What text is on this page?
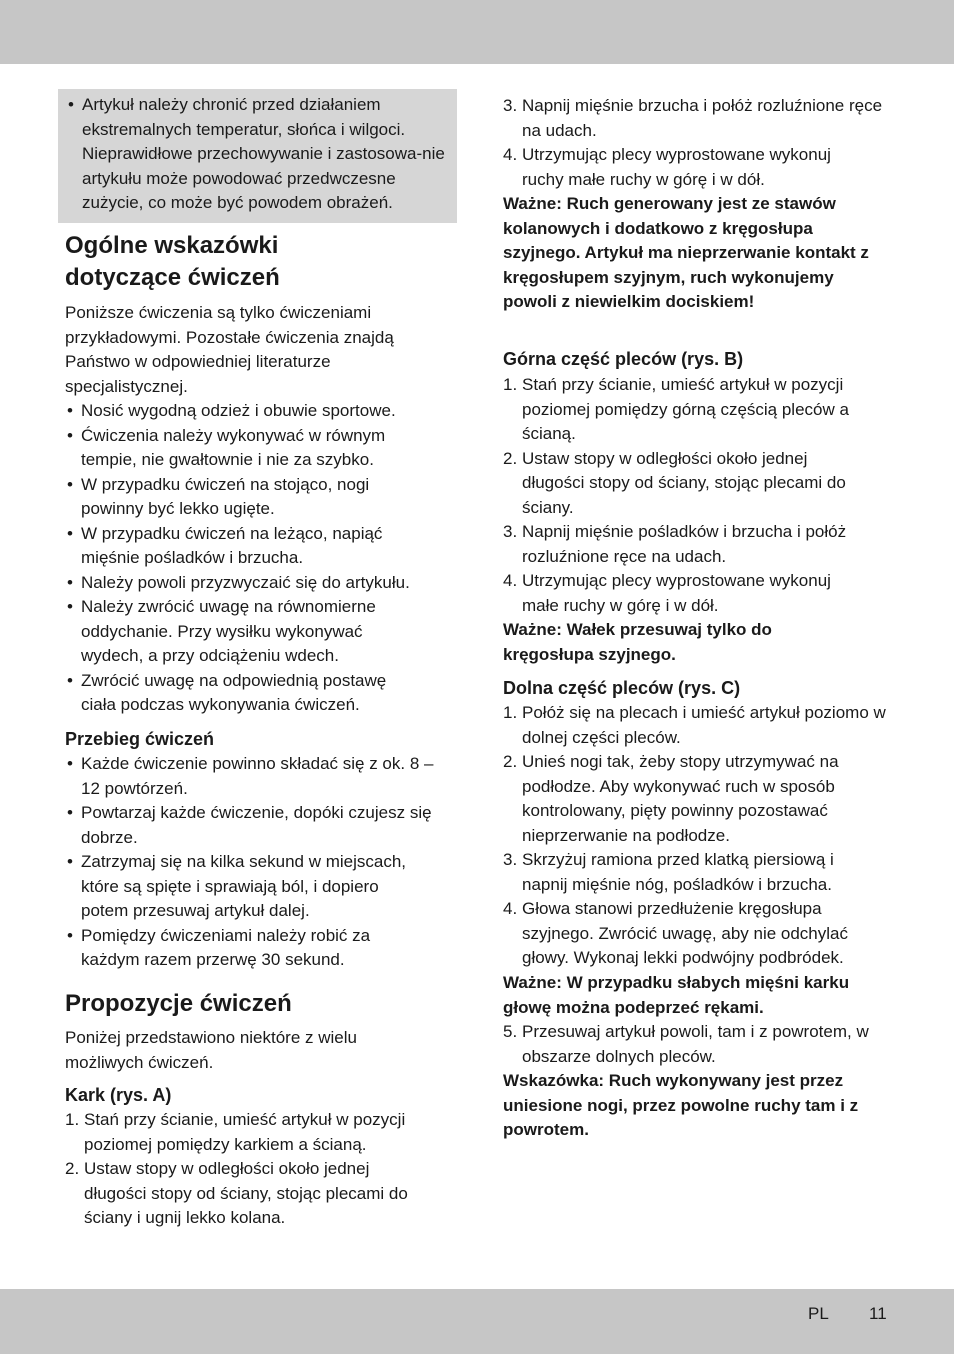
• Artykuł należy chronić przed działaniem ekstremalnych temperatur, słońca i wilgoci. Nieprawidłowe przechowywanie i zastosowa-nie artykułu może powodować przedwczesne zużycie, co może być powodem obrażeń.
Ogólne wskazówki
dotyczące ćwiczeń
Poniższe ćwiczenia są tylko ćwiczeniami przykładowymi. Pozostałe ćwiczenia znajdą Państwo w odpowiedniej literaturze specjalistycznej.
• Nosić wygodną odzież i obuwie sportowe.
• Ćwiczenia należy wykonywać w równym tempie, nie gwałtownie i nie za szybko.
• W przypadku ćwiczeń na stojąco, nogi powinny być lekko ugięte.
• W przypadku ćwiczeń na leżąco, napiąć mięśnie pośladków i brzucha.
• Należy powoli przyzwyczaić się do artykułu.
• Należy zwrócić uwagę na równomierne oddychanie. Przy wysiłku wykonywać wydech, a przy odciążeniu wdech.
• Zwrócić uwagę na odpowiednią postawę ciała podczas wykonywania ćwiczeń.
Przebieg ćwiczeń
• Każde ćwiczenie powinno składać się z ok. 8 – 12 powtórzeń.
• Powtarzaj każde ćwiczenie, dopóki czujesz się dobrze.
• Zatrzymaj się na kilka sekund w miejscach, które są spięte i sprawiają ból, i dopiero potem przesuwaj artykuł dalej.
• Pomiędzy ćwiczeniami należy robić za każdym razem przerwę 30 sekund.
Propozycje ćwiczeń
Poniżej przedstawiono niektóre z wielu możliwych ćwiczeń.
Kark (rys. A)
1. Stań przy ścianie, umieść artykuł w pozycji poziomej pomiędzy karkiem a ścianą.
2. Ustaw stopy w odległości około jednej długości stopy od ściany, stojąc plecami do ściany i ugnij lekko kolana.
3. Napnij mięśnie brzucha i połóż rozluźnione ręce na udach.
4. Utrzymując plecy wyprostowane wykonuj ruchy małe ruchy w górę i w dół.
Ważne: Ruch generowany jest ze stawów kolanowych i dodatkowo z kręgosłupa szyjnego. Artykuł ma nieprzerwanie kontakt z kręgosłupem szyjnym, ruch wykonujemy powoli z niewielkim dociskiem!
Górna część pleców (rys. B)
1. Stań przy ścianie, umieść artykuł w pozycji poziomej pomiędzy górną częścią pleców a ścianą.
2. Ustaw stopy w odległości około jednej długości stopy od ściany, stojąc plecami do ściany.
3. Napnij mięśnie pośladków i brzucha i połóż rozluźnione ręce na udach.
4. Utrzymując plecy wyprostowane wykonuj małe ruchy w górę i w dół.
Ważne: Wałek przesuwaj tylko do kręgosłupa szyjnego.
Dolna część pleców (rys. C)
1. Połóż się na plecach i umieść artykuł poziomo w dolnej części pleców.
2. Unieś nogi tak, żeby stopy utrzymywać na podłodze. Aby wykonywać ruch w sposób kontrolowany, pięty powinny pozostawać nieprzerwanie na podłodze.
3. Skrzyżuj ramiona przed klatką piersiową i napnij mięśnie nóg, pośladków i brzucha.
4. Głowa stanowi przedłużenie kręgosłupa szyjnego. Zwrócić uwagę, aby nie odchylać głowy. Wykonaj lekki podwójny podbródek.
Ważne: W przypadku słabych mięśni karku głowę można podeprzeć rękami.
5. Przesuwaj artykuł powoli, tam i z powrotem, w obszarze dolnych pleców.
Wskazówka: Ruch wykonywany jest przez uniesione nogi, przez powolne ruchy tam i z powrotem.
PL 11
